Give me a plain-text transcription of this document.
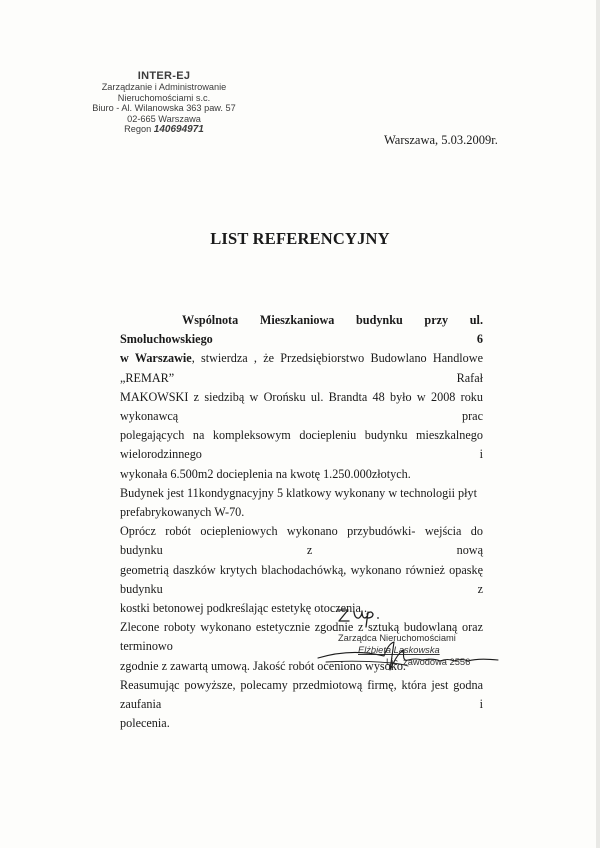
INTER-EJ
Zarządzanie i Administrowanie
Nieruchomościami s.c.
Biuro - Al. Wilanowska 363 paw. 57
02-665 Warszawa
Regon 140694971
Warszawa, 5.03.2009r.
LIST REFERENCYJNY

Wspólnota Mieszkaniowa budynku przy ul. Smoluchowskiego 6

w Warszawie, stwierdza , że Przedsiębiorstwo Budowlano Handlowe „REMAR” Rafał

MAKOWSKI z siedzibą w Orońsku ul. Brandta 48 było w 2008 roku wykonawcą prac

polegających na kompleksowym dociepleniu budynku mieszkalnego wielorodzinnego i

wykonała 6.500m2 docieplenia na kwotę 1.250.000złotych.

Budynek jest 11kondygnacyjny 5 klatkowy wykonany w technologii płyt

prefabrykowanych W-70.

Oprócz robót ociepleniowych wykonano przybudówki- wejścia do budynku z nową

geometrią daszków krytych blachodachówką, wykonano również opaskę budynku z

kostki betonowej podkreślając estetykę otoczenia .

Zlecone roboty wykonano estetycznie zgodnie z sztuką budowlaną oraz terminowo

zgodnie z zawartą umową. Jakość robót oceniono wysoko.

Reasumując powyższe, polecamy przedmiotową firmę, która jest godna zaufania i

polecenia.

Zarządca Nieruchomościami
Elżbieta Laskowska
Lic. zawodowa 2556
